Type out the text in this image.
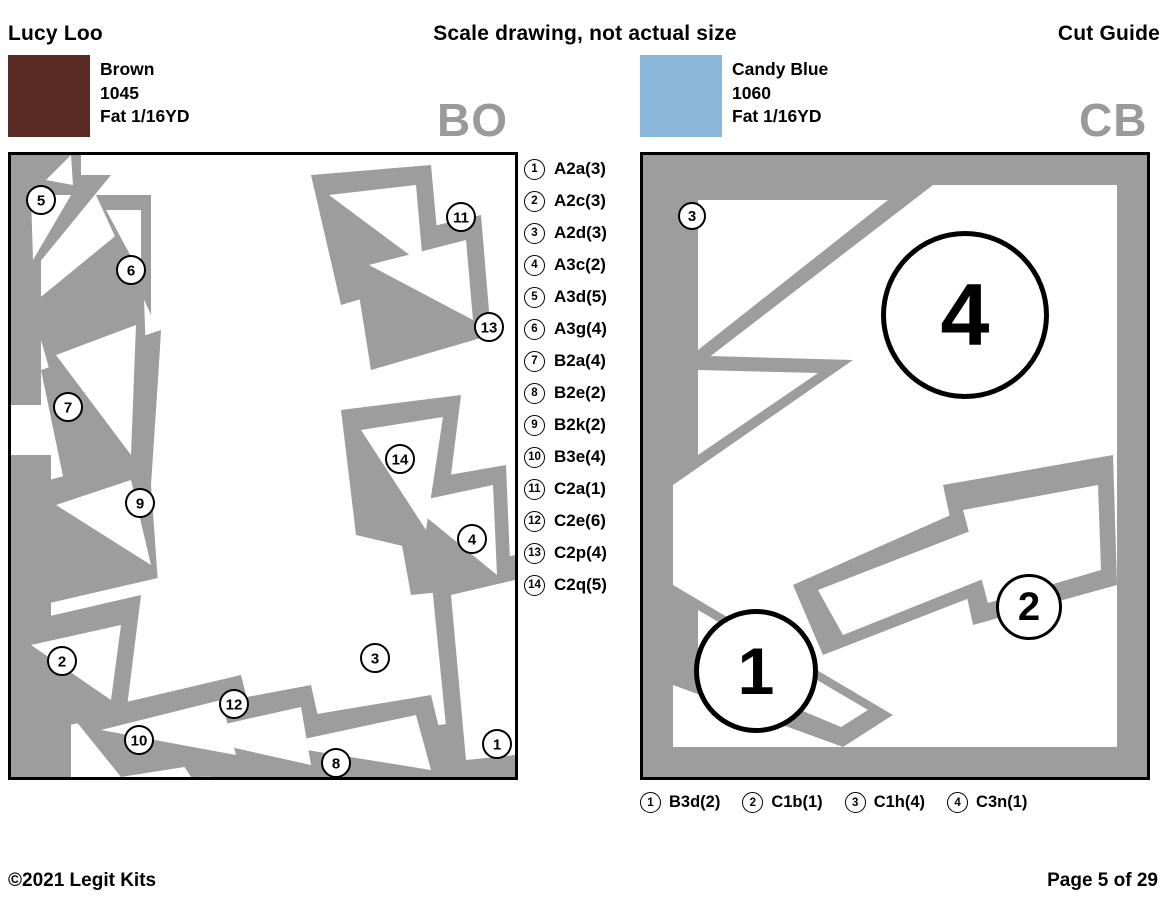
Lucy Loo	Scale drawing, not actual size	Cut Guide
Brown
1045
Fat 1/16YD	BO
Candy Blue
1060
Fat 1/16YD	CB
5
6
11
13
7
14
9
4
2	3
12
10	1
8
1 A2a(3)
2 A2c(3)
3 A2d(3)
4 A3c(2)
5 A3d(5)
6 A3g(4)
7 B2a(4)
8 B2e(2)
9 B2k(2)
10 B3e(4)
11 C2a(1)
12 C2e(6)
13 C2p(4)
14 C2q(5)
3
4
2
1
1 B3d(2)	2 C1b(1)	3 C1h(4)	4 C3n(1)
©2021 Legit Kits	Page 5 of 29
